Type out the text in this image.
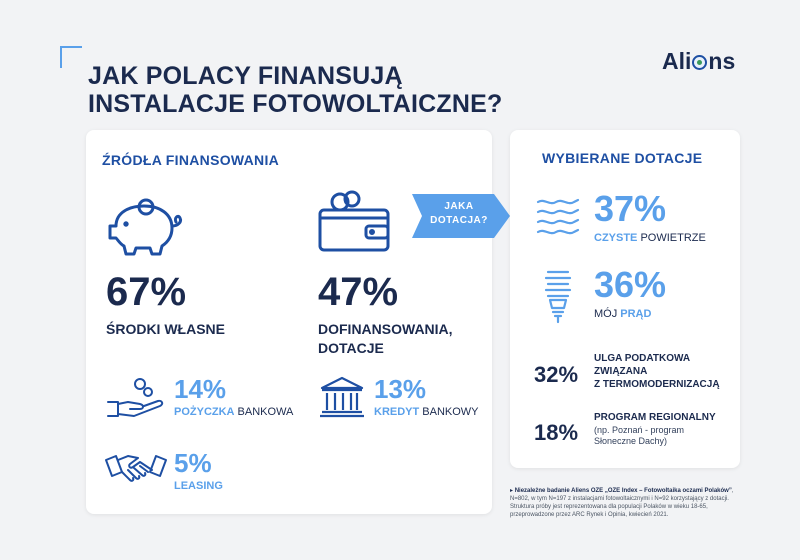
JAK POLACY FINANSUJĄ
INSTALACJE FOTOWOLTAICZNE?
Ali ns
ŹRÓDŁA FINANSOWANIA
67%
ŚRODKI WŁASNE
47%
DOFINANSOWANIA,
DOTACJE
14%
POŻYCZKA BANKOWA
13%
KREDYT BANKOWY
5%
LEASING
JAKA
DOTACJA?
WYBIERANE DOTACJE
37%
CZYSTE POWIETRZE
36%
MÓJ PRĄD
32%
ULGA PODATKOWA
ZWIĄZANA
Z TERMOMODERNIZACJĄ
18%
PROGRAM REGIONALNY
(np. Poznań - program
Słoneczne Dachy)
▸ Niezależne badanie Aliens OZE „OZE Index – Fotowoltaika oczami Polaków”, N=802, w tym N=197 z instalacjami fotowoltaicznymi i N=92 korzystający z dotacji. Struktura próby jest reprezentowana dla populacji Polaków w wieku 18-65, przeprowadzone przez ARC Rynek i Opinia, kwiecień 2021.
